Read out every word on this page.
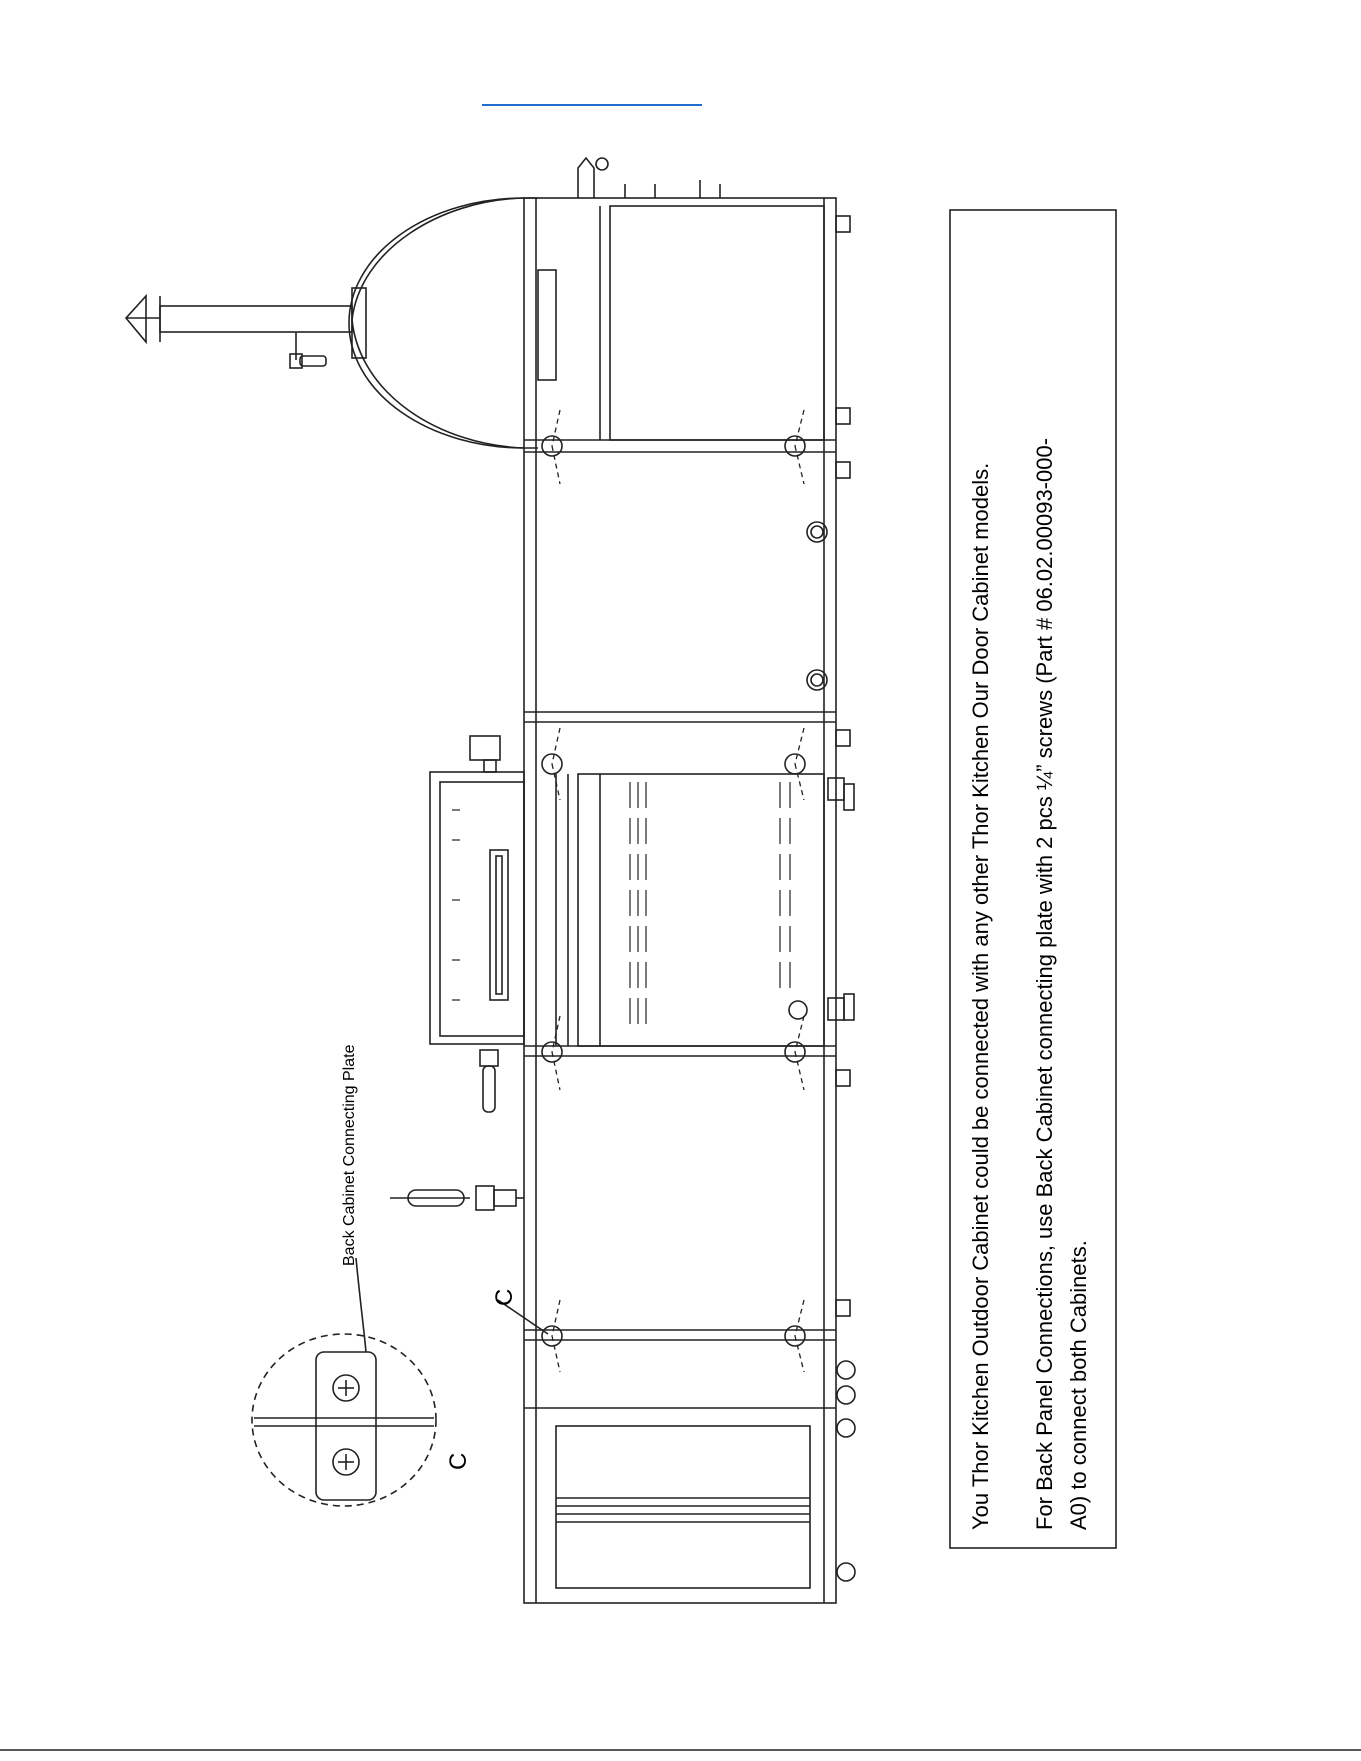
Back Cabinet Connecting Plate
C
C	You Thor Kitchen Outdoor Cabinet could be connected with any other Thor Kitchen Our Door Cabinet models. For Back Panel Connections, use Back Cabinet connecting plate with 2 pcs ¼” screws (Part # 06.02.00093-000- A0) to connect both Cabinets.
